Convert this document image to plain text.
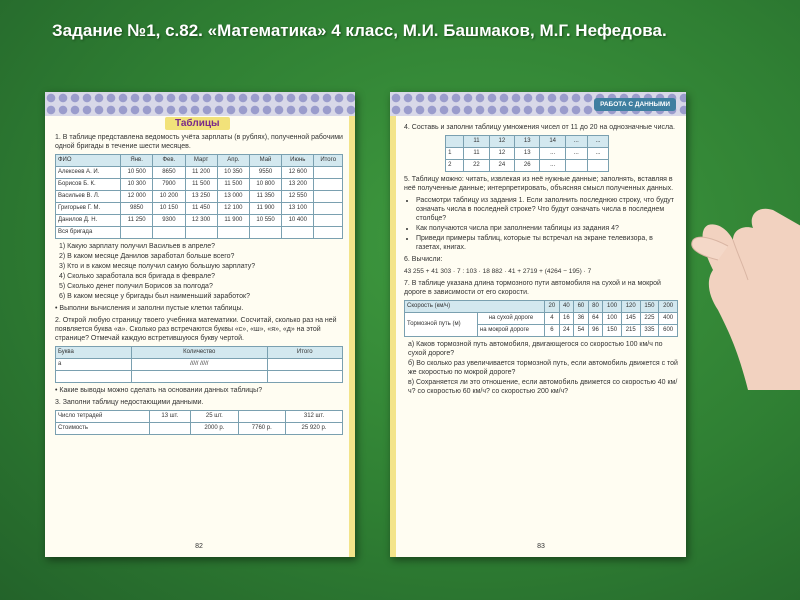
Задание №1, с.82. «Математика» 4 класс, М.И. Башмаков, М.Г. Нефедова.
Таблицы

1. В таблице представлена ведомость учёта зарплаты (в рублях), полученной рабочими одной бригады в течение шести месяцев.

ФИО	Янв.	Фев.	Март	Апр.	Май	Июнь	Итого
Алексеев А. И.	10 500	8650	11 200	10 350	9550	12 600	
Борисов Б. К.	10 300	7900	11 500	11 500	10 800	13 200	
Васильев В. Л.	12 000	10 200	13 250	13 000	11 350	12 550	
Григорьев Г. М.	9850	10 150	11 450	12 100	11 900	13 100	
Данилов Д. Н.	11 250	9300	12 300	11 900	10 550	10 400	
Вся бригада							
1) Какую зарплату получил Васильев в апреле?
2) В каком месяце Данилов заработал больше всего?
3) Кто и в каком месяце получил самую большую зарплату?
4) Сколько заработала вся бригада в феврале?
5) Сколько денег получил Борисов за полгода?
6) В каком месяце у бригады был наименьший заработок?

• Выполни вычисления и заполни пустые клетки таблицы.

2. Открой любую страницу твоего учебника математики. Сосчитай, сколько раз на ней появляется буква «а». Сколько раз встречаются буквы «с», «ш», «я», «д» на этой странице? Отмечай каждую встретившуюся букву чертой.

Буква	Количество	Итого
а	///// /////	

• Какие выводы можно сделать на основании данных таблицы?

3. Заполни таблицу недостающими данными.

Число тетрадей	13 шт.	25 шт.		312 шт.
Стоимость		2000 р.	7760 р.	25 920 р.
82
РАБОТА С ДАННЫМИ

4. Составь и заполни таблицу умножения чисел от 11 до 20 на однозначные числа.

	11	12	13	14	...	...
1	11	12	13	...	...	...
2	22	24	26	...		

5. Таблицу можно: читать, извлекая из неё нужные данные; заполнять, вставляя в неё полученные данные; интерпретировать, объясняя смысл полученных данных.

• Рассмотри таблицу из задания 1. Если заполнить последнюю строку, что будут означать числа в последней строке? Что будут означать числа в последнем столбце?
• Как получаются числа при заполнении таблицы из задания 4?
• Приведи примеры таблиц, которые ты встречал на экране телевизора, в газетах, книгах.

6. Вычисли:

43 255 + 41 303 · 7 : 103 · 18 882 · 41 + 2719 + (4264 − 195) · 7

7. В таблице указана длина тормозного пути автомобиля на сухой и на мокрой дороге в зависимости от его скорости.

Скорость (км/ч)		20	40	60	80	100	120	150	200
Тормозной путь (м)	на сухой дороге	4	16	36	64	100	145	225	400
	на мокрой дороге	6	24	54	96	150	215	335	600
а) Каков тормозной путь автомобиля, двигающегося со скоростью 100 км/ч по сухой дороге?
б) Во сколько раз увеличивается тормозной путь, если автомобиль движется с той же скоростью по мокрой дороге?
в) Сохраняется ли это отношение, если автомобиль движется со скоростью 40 км/ч? со скоростью 60 км/ч? со скоростью 200 км/ч?
83
